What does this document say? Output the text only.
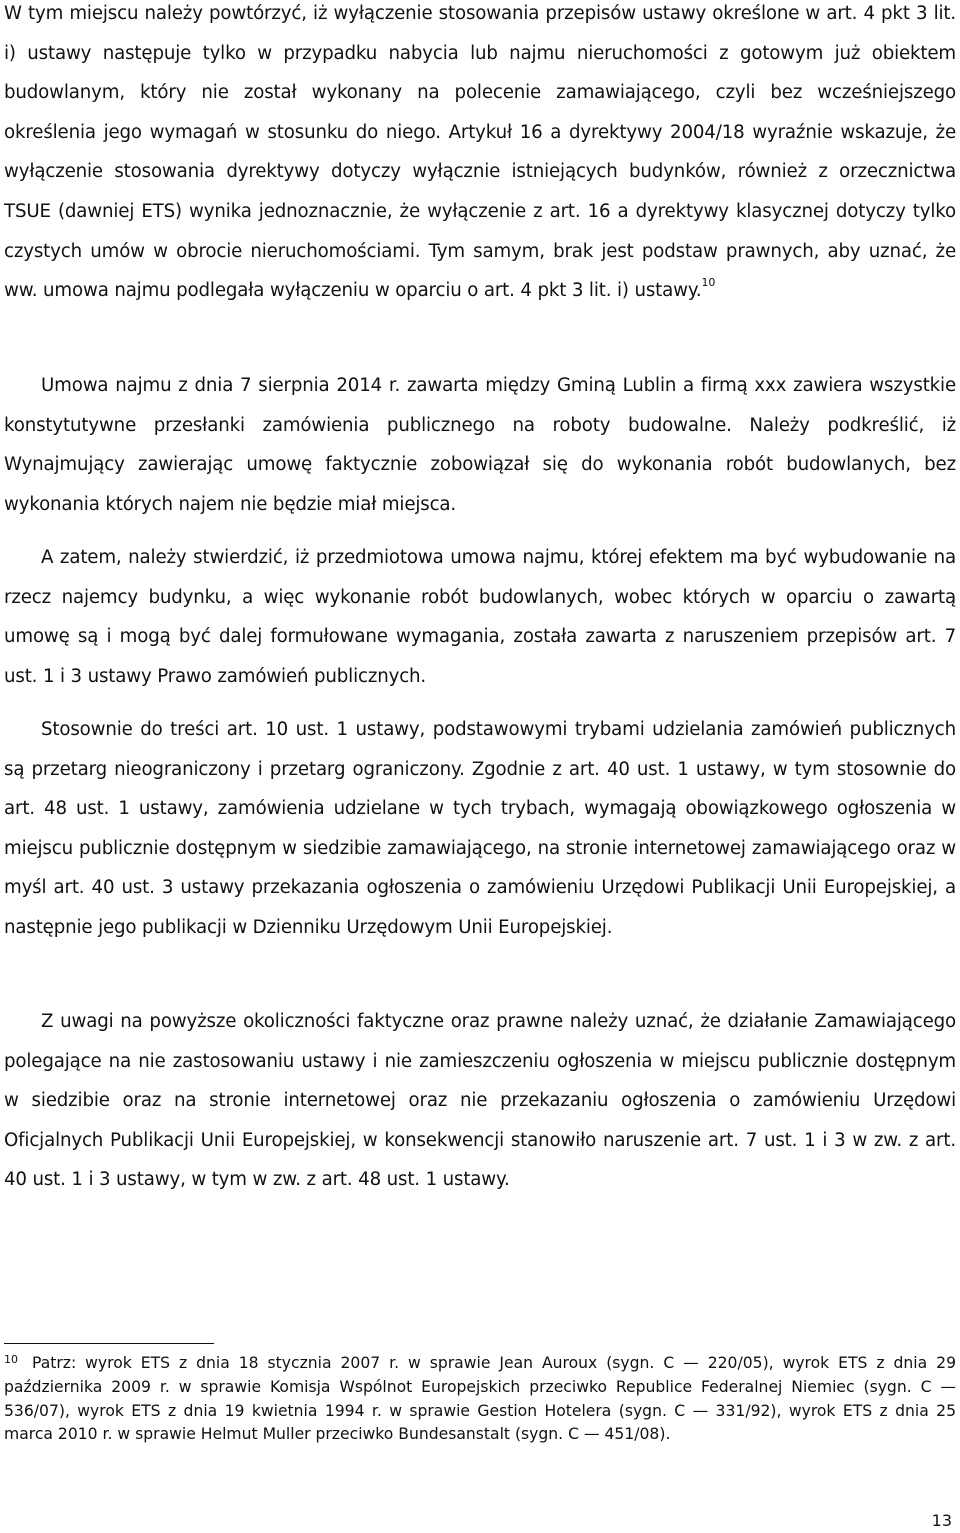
W tym miejscu należy powtórzyć, iż wyłączenie stosowania przepisów ustawy określone w art. 4 pkt 3 lit. i) ustawy następuje tylko w przypadku nabycia lub najmu nieruchomości z gotowym już obiektem budowlanym, który nie został wykonany na polecenie zamawiającego, czyli bez wcześniejszego określenia jego wymagań w stosunku do niego. Artykuł 16 a dyrektywy 2004/18 wyraźnie wskazuje, że wyłączenie stosowania dyrektywy dotyczy wyłącznie istniejących budynków, również z orzecznictwa TSUE (dawniej ETS) wynika jednoznacznie, że wyłączenie z art. 16 a dyrektywy klasycznej dotyczy tylko czystych umów w obrocie nieruchomościami. Tym samym, brak jest podstaw prawnych, aby uznać, że ww. umowa najmu podlegała wyłączeniu w oparciu o art. 4 pkt 3 lit. i) ustawy.$^{10}$

Umowa najmu z dnia 7 sierpnia 2014 r. zawarta między Gminą Lublin a firmą xxx zawiera wszystkie konstytutywne przesłanki zamówienia publicznego na roboty budowalne. Należy podkreślić, iż Wynajmujący zawierając umowę faktycznie zobowiązał się do wykonania robót budowlanych, bez wykonania których najem nie będzie miał miejsca.

A zatem, należy stwierdzić, iż przedmiotowa umowa najmu, której efektem ma być wybudowanie na rzecz najemcy budynku, a więc wykonanie robót budowlanych, wobec których w oparciu o zawartą umowę są i mogą być dalej formułowane wymagania, została zawarta z naruszeniem przepisów art. 7 ust. 1 i 3 ustawy Prawo zamówień publicznych.

Stosownie do treści art. 10 ust. 1 ustawy, podstawowymi trybami udzielania zamówień publicznych są przetarg nieograniczony i przetarg ograniczony. Zgodnie z art. 40 ust. 1 ustawy, w tym stosownie do art. 48 ust. 1 ustawy, zamówienia udzielane w tych trybach, wymagają obowiązkowego ogłoszenia w miejscu publicznie dostępnym w siedzibie zamawiającego, na stronie internetowej zamawiającego oraz w myśl art. 40 ust. 3 ustawy przekazania ogłoszenia o zamówieniu Urzędowi Publikacji Unii Europejskiej, a następnie jego publikacji w Dzienniku Urzędowym Unii Europejskiej.

Z uwagi na powyższe okoliczności faktyczne oraz prawne należy uznać, że działanie Zamawiającego polegające na nie zastosowaniu ustawy i nie zamieszczeniu ogłoszenia w miejscu publicznie dostępnym w siedzibie oraz na stronie internetowej oraz nie przekazaniu ogłoszenia o zamówieniu Urzędowi Oficjalnych Publikacji Unii Europejskiej, w konsekwencji stanowiło naruszenie art. 7 ust. 1 i 3 w zw. z art. 40 ust. 1 i 3 ustawy, w tym w zw. z art. 48 ust. 1 ustawy.

$^{10}$ Patrz: wyrok ETS z dnia 18 stycznia 2007 r. w sprawie Jean Auroux (sygn. C — 220/05), wyrok ETS z dnia 29 października 2009 r. w sprawie Komisja Wspólnot Europejskich przeciwko Republice Federalnej Niemiec (sygn. C — 536/07), wyrok ETS z dnia 19 kwietnia 1994 r. w sprawie Gestion Hotelera (sygn. C — 331/92), wyrok ETS z dnia 25 marca 2010 r. w sprawie Helmut Muller przeciwko Bundesanstalt (sygn. C — 451/08).

13
